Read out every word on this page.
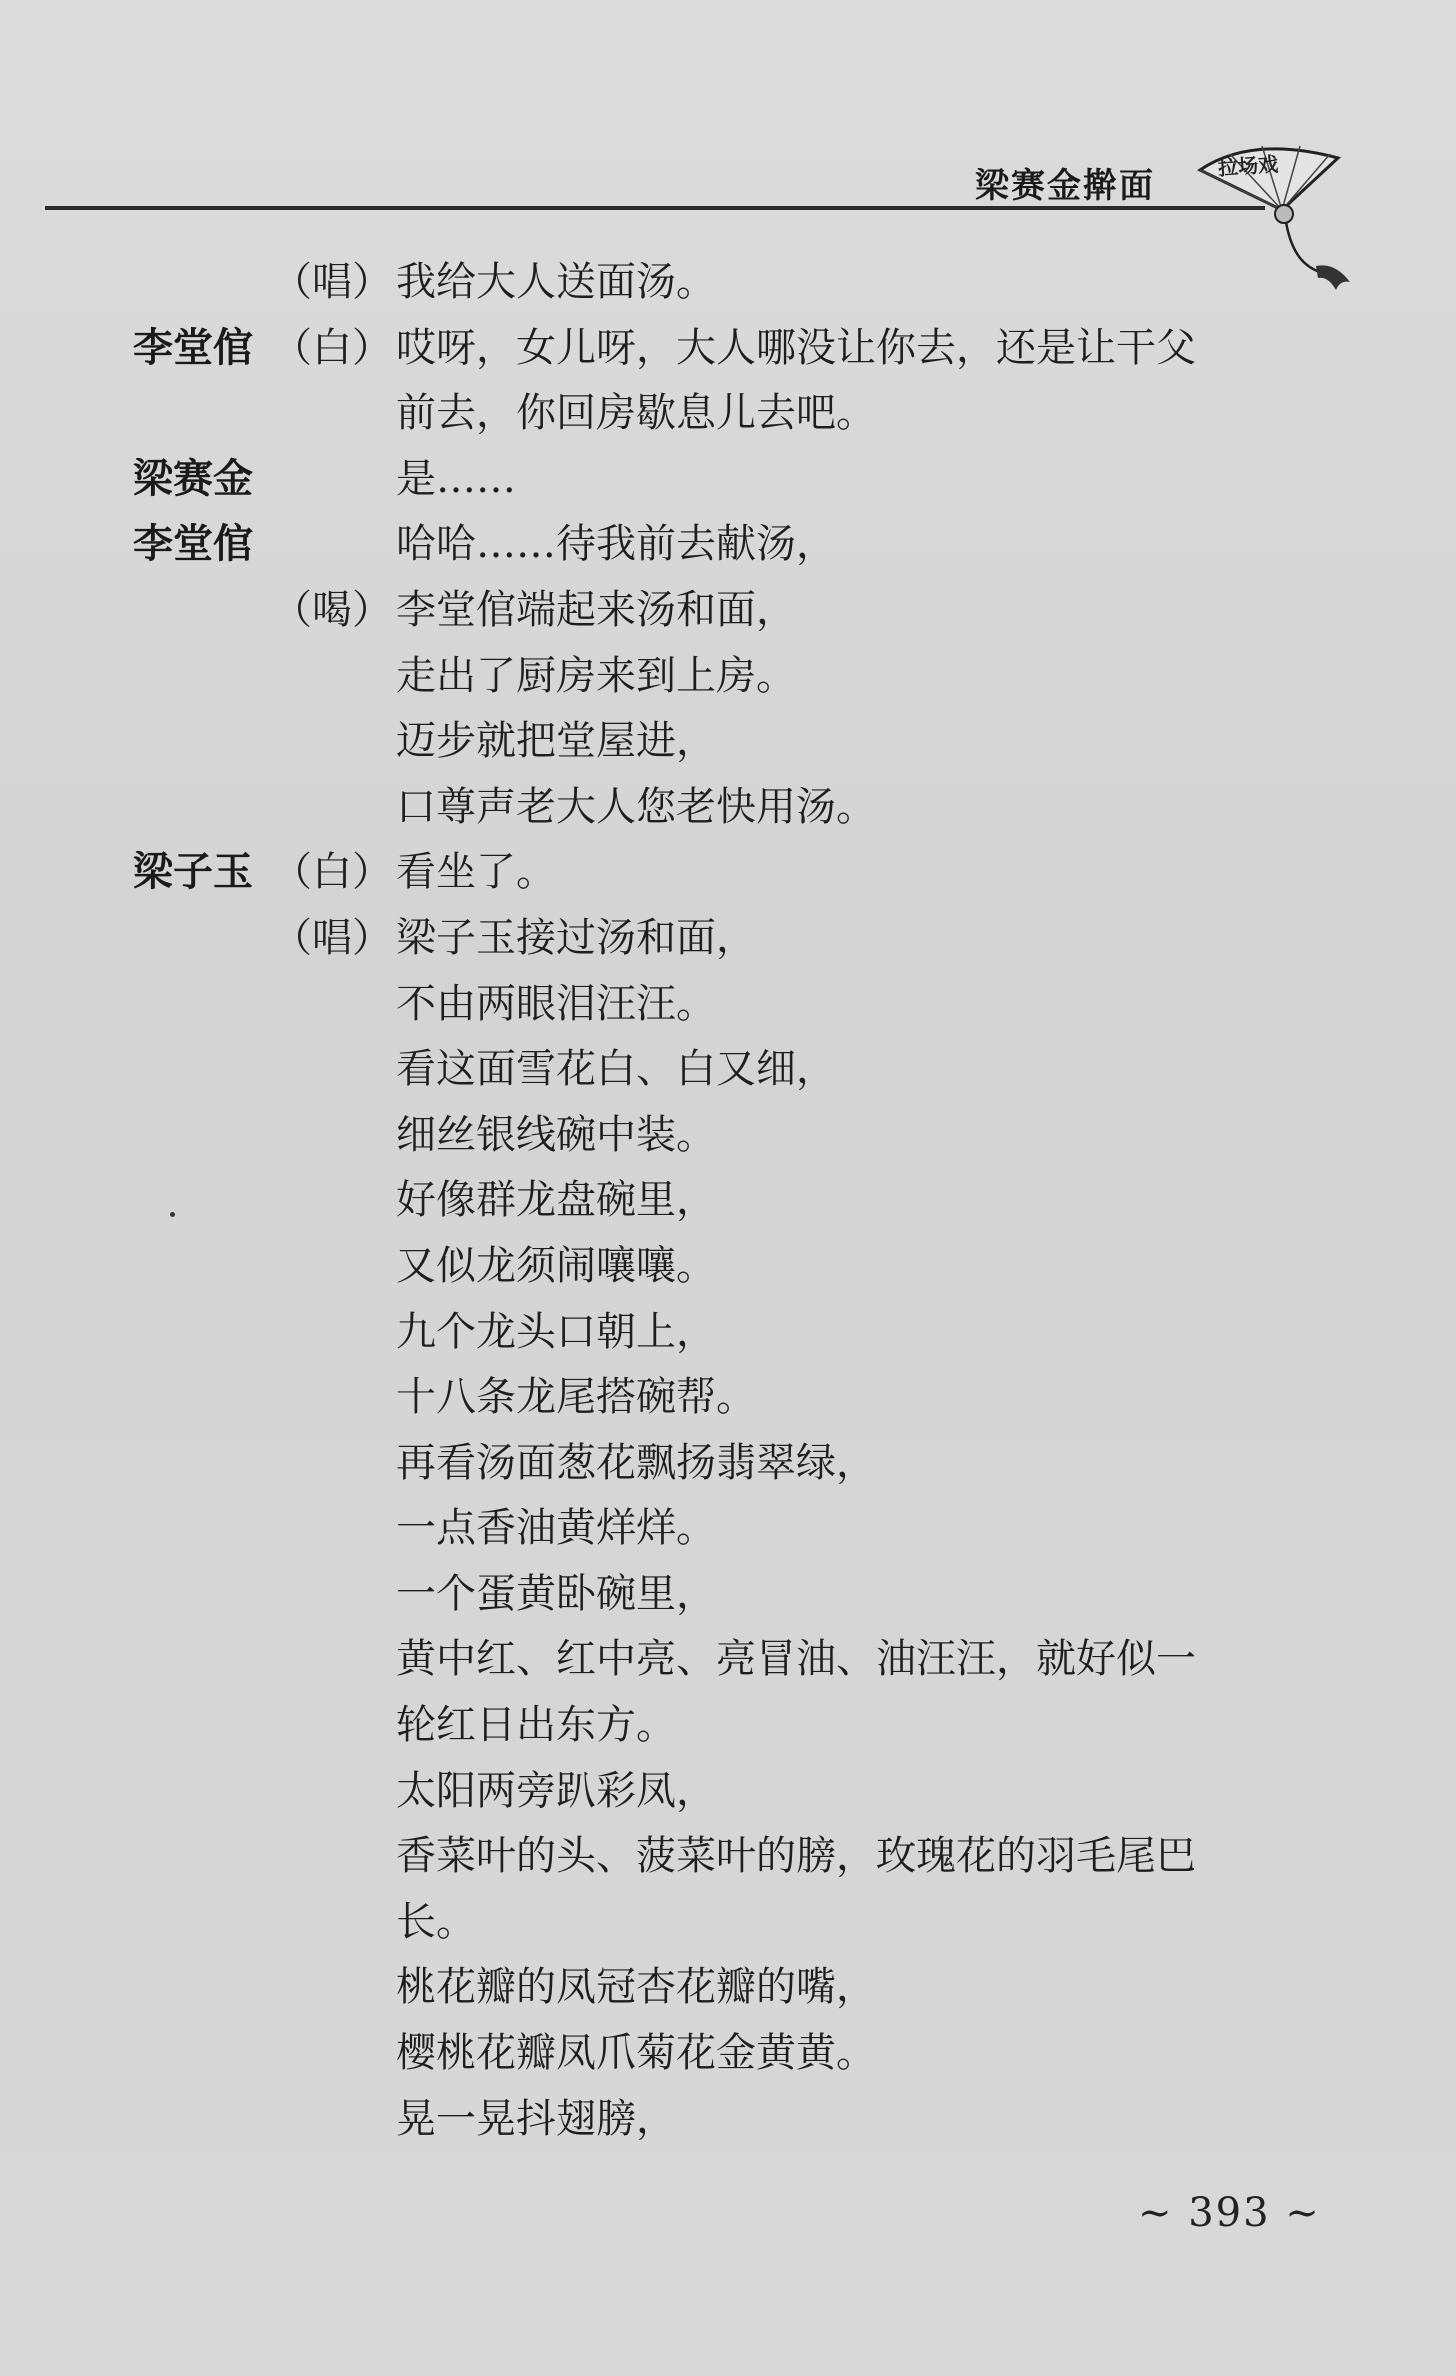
梁赛金擀面
拉场戏
（唱） 我给大人送面汤。
李堂倌 （白） 哎呀，女儿呀，大人哪没让你去，还是让干父
前去，你回房歇息儿去吧。
梁赛金	是……
李堂倌	哈哈……待我前去献汤，
（喝） 李堂倌端起来汤和面，
走出了厨房来到上房。
迈步就把堂屋进，
口尊声老大人您老快用汤。
梁子玉 （白） 看坐了。
（唱） 梁子玉接过汤和面，
不由两眼泪汪汪。
看这面雪花白、白又细，
细丝银线碗中装。
好像群龙盘碗里，
又似龙须闹嚷嚷。
九个龙头口朝上，
十八条龙尾搭碗帮。
再看汤面葱花飘扬翡翠绿，
一点香油黄烊烊。
一个蛋黄卧碗里，
黄中红、红中亮、亮冒油、油汪汪，就好似一
轮红日出东方。
太阳两旁趴彩凤，
香菜叶的头、菠菜叶的膀，玫瑰花的羽毛尾巴
长。
桃花瓣的凤冠杏花瓣的嘴，
樱桃花瓣凤爪菊花金黄黄。
晃一晃抖翅膀，
~ 393 ~
